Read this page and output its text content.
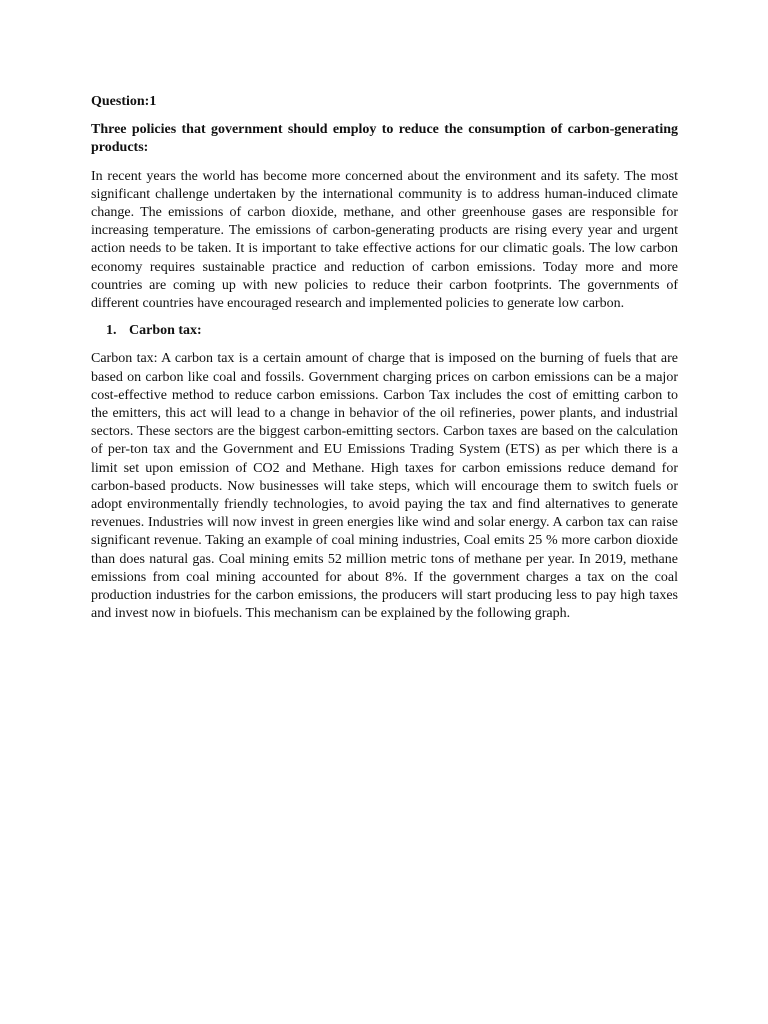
Question:1

Three policies that government should employ to reduce the consumption of carbon-generating products:

In recent years the world has become more concerned about the environment and its safety. The most significant challenge undertaken by the international community is to address human-induced climate change. The emissions of carbon dioxide, methane, and other greenhouse gases are responsible for increasing temperature. The emissions of carbon-generating products are rising every year and urgent action needs to be taken. It is important to take effective actions for our climatic goals. The low carbon economy requires sustainable practice and reduction of carbon emissions. Today more and more countries are coming up with new policies to reduce their carbon footprints. The governments of different countries have encouraged research and implemented policies to generate low carbon.

1. Carbon tax:

Carbon tax: A carbon tax is a certain amount of charge that is imposed on the burning of fuels that are based on carbon like coal and fossils. Government charging prices on carbon emissions can be a major cost-effective method to reduce carbon emissions. Carbon Tax includes the cost of emitting carbon to the emitters, this act will lead to a change in behavior of the oil refineries, power plants, and industrial sectors. These sectors are the biggest carbon-emitting sectors. Carbon taxes are based on the calculation of per-ton tax and the Government and EU Emissions Trading System (ETS) as per which there is a limit set upon emission of CO2 and Methane. High taxes for carbon emissions reduce demand for carbon-based products. Now businesses will take steps, which will encourage them to switch fuels or adopt environmentally friendly technologies, to avoid paying the tax and find alternatives to generate revenues. Industries will now invest in green energies like wind and solar energy. A carbon tax can raise significant revenue. Taking an example of coal mining industries, Coal emits 25 % more carbon dioxide than does natural gas. Coal mining emits 52 million metric tons of methane per year. In 2019, methane emissions from coal mining accounted for about 8%. If the government charges a tax on the coal production industries for the carbon emissions, the producers will start producing less to pay high taxes and invest now in biofuels. This mechanism can be explained by the following graph.
